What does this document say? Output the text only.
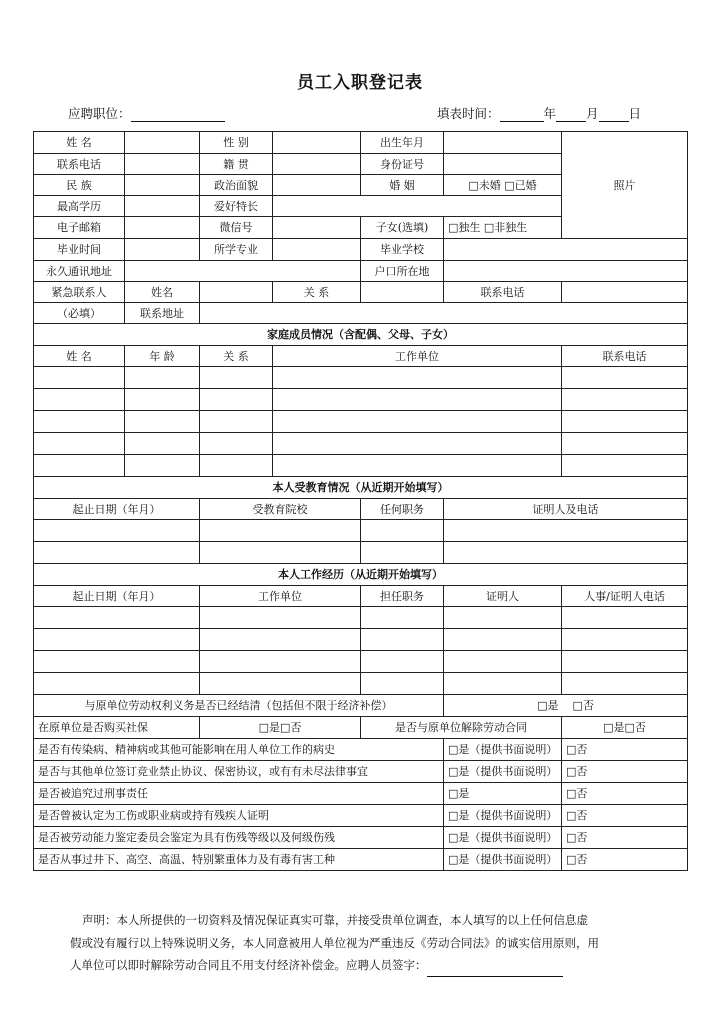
员工入职登记表
应聘职位：	填表时间：	年 月 日
姓 名		性 别		出生年月		照片
联系电话		籍 贯		身份证号		
民 族		政治面貌		婚 姻	□未婚 □已婚	
最高学历		爱好特长				
电子邮箱		微信号		子女(选填)	□独生 □非独生	
毕业时间		所学专业		毕业学校		
永久通讯地址				户口所在地		
紧急联系人	姓名		关 系		联系电话	
（必填）	联系地址					
家庭成员情况（含配偶、父母、子女）						
姓 名	年 龄	关 系	工作单位			联系电话

本人受教育情况（从近期开始填写）						
起止日期（年月）		受教育院校		任何职务	证明人及电话	

本人工作经历（从近期开始填写）						
起止日期（年月）		工作单位		担任职务	证明人	人事/证明人电话

与原单位劳动权利义务是否已经结清（包括但不限于经济补偿）					□是 □否	
在原单位是否购买社保		□是□否		是否与原单位解除劳动合同		□是□否
是否有传染病、精神病或其他可能影响在用人单位工作的病史					□是（提供书面说明）	□否
是否与其他单位签订竞业禁止协议、保密协议，或有有未尽法律事宜					□是（提供书面说明）	□否
是否被追究过刑事责任					□是	□否
是否曾被认定为工伤或职业病或持有残疾人证明					□是（提供书面说明）	□否
是否被劳动能力鉴定委员会鉴定为具有伤残等级以及何级伤残					□是（提供书面说明）	□否
是否从事过井下、高空、高温、特别繁重体力及有毒有害工种					□是（提供书面说明）	□否
声明：本人所提供的一切资料及情况保证真实可靠，并接受贵单位调查，本人填写的以上任何信息虚
假或没有履行以上特殊说明义务，本人同意被用人单位视为严重违反《劳动合同法》的诚实信用原则，用
人单位可以即时解除劳动合同且不用支付经济补偿金。应聘人员签字：
